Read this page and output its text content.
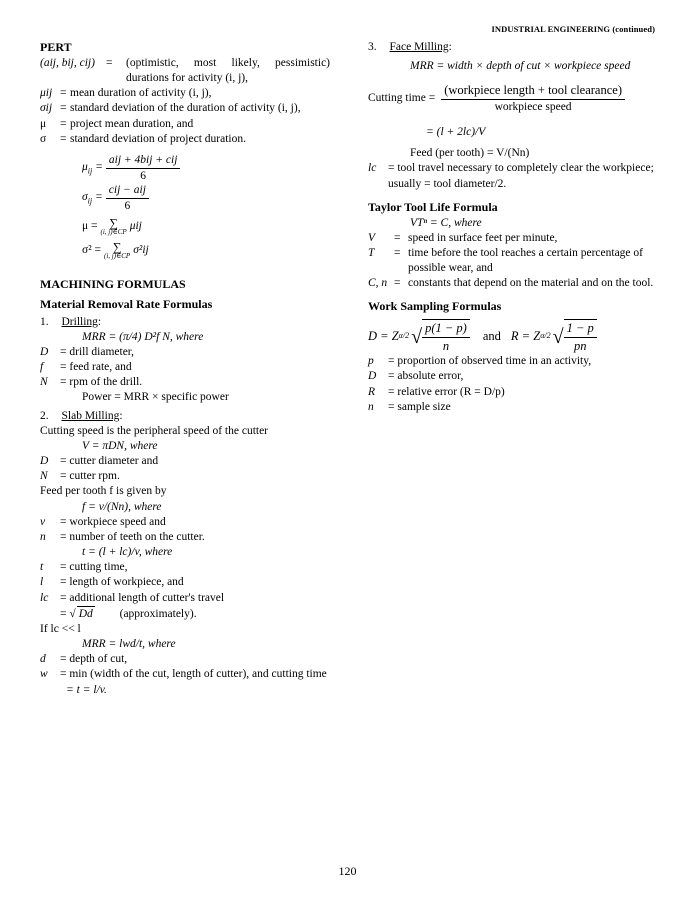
INDUSTRIAL ENGINEERING (continued)
PERT
(aij, bij, cij) =	(optimistic, most likely, pessimistic) durations for activity (i, j),
μij = mean duration of activity (i, j),
σij = standard deviation of the duration of activity (i, j),
μ	= project mean duration, and
σ	= standard deviation of project duration.
$\mu_{ij} = \frac{\text{aij + 4bij + cij}}{6}$
$\sigma_{ij} = \frac{\text{cij − aij}}{6}$
μ = ∑
(i, j)∈CP μij
σ² = ∑
(i, j)∈CP σ²ij
MACHINING FORMULAS
Material Removal Rate Formulas
1. Drilling:
MRR = (π/4) D²f N, where
D	= drill diameter,
f	= feed rate, and
N	= rpm of the drill.
Power = MRR × specific power
2. Slab Milling:
Cutting speed is the peripheral speed of the cutter
V = πDN, where
D	= cutter diameter and
N	= cutter rpm.
Feed per tooth f is given by
f = v/(Nn), where
v	= workpiece speed and
n	= number of teeth on the cutter.
t = (l + lc)/v, where
t	= cutting time,
l	= length of workpiece, and
lc	= additional length of cutter's travel
= √ Dd (approximately).
If lc << l
MRR = lwd/t, where
d	= depth of cut,
w	= min (width of the cut, length of cutter), and cutting time
= t = l/v.
3. Face Milling:
MRR = width × depth of cut × workpiece speed
Cutting time = $\frac{\text{(workpiece length + tool clearance)}}{\text{workpiece speed}}$
= (l + 2lc)/V
Feed (per tooth) = V/(Nn)
lc	= tool travel necessary to completely clear the workpiece; usually = tool diameter/2.
Taylor Tool Life Formula
VTⁿ = C, where
V	= speed in surface feet per minute,
T	= time before the tool reaches a certain percentage of possible wear, and
C, n = constants that depend on the material and on the tool.
Work Sampling Formulas
D = Z α/2 √ $\frac{p(1 - p)}{n}$ and R = Z α/2 √ $\frac{1 - p}{pn}$
p	= proportion of observed time in an activity,
D	= absolute error,
R	= relative error (R = D/p)
n	= sample size
120
